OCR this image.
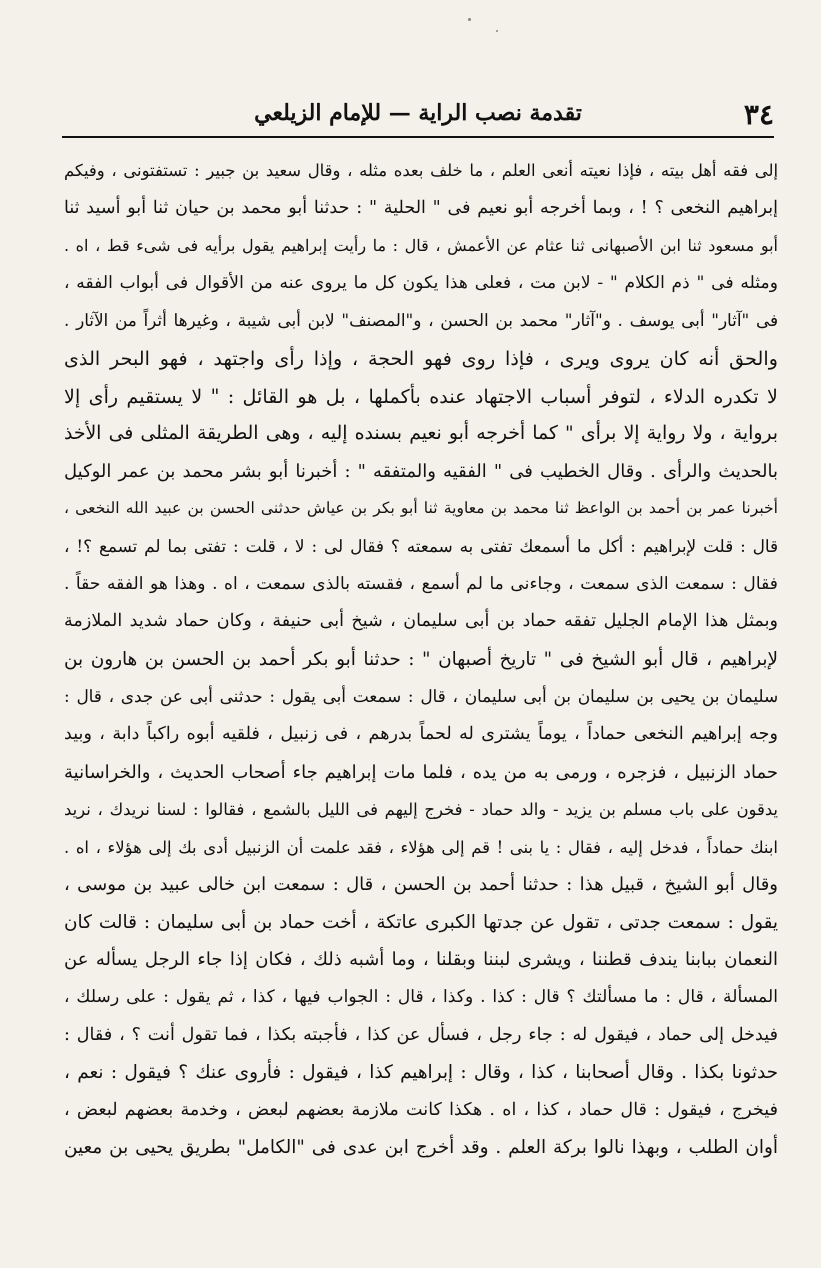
٣٤
تقدمة نصب الراية — للإمام الزيلعي
إلى فقه أهل بيته ، فإذا نعيته أنعى العلم ، ما خلف بعده مثله ، وقال سعيد بن جبير : تستفتونى ، وفيكم
إبراهيم النخعى ؟ ! ، وبما أخرجه أبو نعيم فى " الحلية " : حدثنا أبو محمد بن حيان ثنا أبو أسيد ثنا
أبو مسعود ثنا ابن الأصبهانى ثنا عثام عن الأعمش ، قال : ما رأيت إبراهيم يقول برأيه فى شىء قط ، اه .
ومثله فى " ذم الكلام " - لابن مت ، فعلى هذا يكون كل ما يروى عنه من الأقوال فى أبواب الفقه ،
فى "آثار" أبى يوسف . و"آثار" محمد بن الحسن ، و"المصنف" لابن أبى شيبة ، وغيرها أثراً من الآثار .
والحق أنه كان يروى ويرى ، فإذا روى فهو الحجة ، وإذا رأى واجتهد ، فهو البحر الذى
لا تكدره الدلاء ، لتوفر أسباب الاجتهاد عنده بأكملها ، بل هو القائل : " لا يستقيم رأى إلا
برواية ، ولا رواية إلا برأى " كما أخرجه أبو نعيم بسنده إليه ، وهى الطريقة المثلى فى الأخذ
بالحديث والرأى . وقال الخطيب فى " الفقيه والمتفقه " : أخبرنا أبو بشر محمد بن عمر الوكيل
أخبرنا عمر بن أحمد بن الواعظ ثنا محمد بن معاوية ثنا أبو بكر بن عياش حدثنى الحسن بن عبيد الله النخعى ،
قال : قلت لإبراهيم : أكل ما أسمعك تفتى به سمعته ؟ فقال لى : لا ، قلت : تفتى بما لم تسمع ؟! ،
فقال : سمعت الذى سمعت ، وجاءنى ما لم أسمع ، فقسته بالذى سمعت ، اه . وهذا هو الفقه حقاً .
وبمثل هذا الإمام الجليل تفقه حماد بن أبى سليمان ، شيخ أبى حنيفة ، وكان حماد شديد الملازمة
لإبراهيم ، قال أبو الشيخ فى " تاريخ أصبهان " : حدثنا أبو بكر أحمد بن الحسن بن هارون بن
سليمان بن يحيى بن سليمان بن أبى سليمان ، قال : سمعت أبى يقول : حدثنى أبى عن جدى ، قال :
وجه إبراهيم النخعى حماداً ، يوماً يشترى له لحماً بدرهم ، فى زنبيل ، فلقيه أبوه راكباً دابة ، وبيد
حماد الزنبيل ، فزجره ، ورمى به من يده ، فلما مات إبراهيم جاء أصحاب الحديث ، والخراسانية
يدقون على باب مسلم بن يزيد - والد حماد - فخرج إليهم فى الليل بالشمع ، فقالوا : لسنا نريدك ، نريد
ابنك حماداً ، فدخل إليه ، فقال : يا بنى ! قم إلى هؤلاء ، فقد علمت أن الزنبيل أدى بك إلى هؤلاء ، اه .
وقال أبو الشيخ ، قبيل هذا : حدثنا أحمد بن الحسن ، قال : سمعت ابن خالى عبيد بن موسى ،
يقول : سمعت جدتى ، تقول عن جدتها الكبرى عاتكة ، أخت حماد بن أبى سليمان : قالت كان
النعمان ببابنا يندف قطننا ، ويشرى لبننا وبقلنا ، وما أشبه ذلك ، فكان إذا جاء الرجل يسأله عن
المسألة ، قال : ما مسألتك ؟ قال : كذا . وكذا ، قال : الجواب فيها ، كذا ، ثم يقول : على رسلك ،
فيدخل إلى حماد ، فيقول له : جاء رجل ، فسأل عن كذا ، فأجبته بكذا ، فما تقول أنت ؟ ، فقال :
حدثونا بكذا . وقال أصحابنا ، كذا ، وقال : إبراهيم كذا ، فيقول : فأروى عنك ؟ فيقول : نعم ،
فيخرج ، فيقول : قال حماد ، كذا ، اه . هكذا كانت ملازمة بعضهم لبعض ، وخدمة بعضهم لبعض ،
أوان الطلب ، وبهذا نالوا بركة العلم . وقد أخرج ابن عدى فى "الكامل" بطريق يحيى بن معين
